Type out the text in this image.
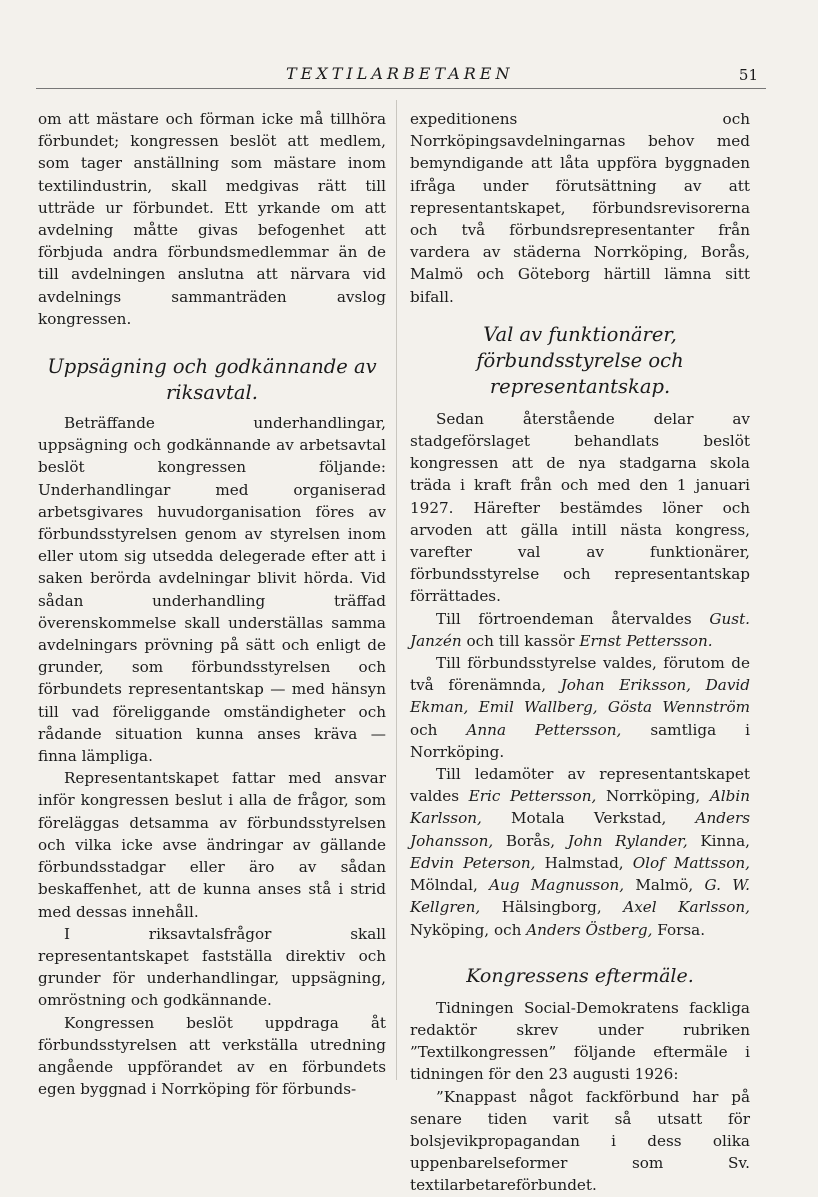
TEXTILARBETAREN	51

om att mästare och förman icke må tillhöra förbundet; kongressen beslöt att medlem, som tager anställning som mästare inom textilindustrin, skall medgivas rätt till utträde ur förbundet. Ett yrkande om att avdelning måtte givas befogenhet att förbjuda andra förbundsmedlemmar än de till avdelningen anslutna att närvara vid avdelnings sammanträden avslog kongressen.

Uppsägning och godkännande av riksavtal.

Beträffande underhandlingar, uppsägning och godkännande av arbetsavtal beslöt kongressen följande: Underhandlingar med organiserad arbetsgivares huvudorganisation föres av förbundsstyrelsen genom av styrelsen inom eller utom sig utsedda delegerade efter att i saken berörda avdelningar blivit hörda. Vid sådan underhandling träffad överenskommelse skall underställas samma avdelningars prövning på sätt och enligt de grunder, som förbundsstyrelsen och förbundets representantskap — med hänsyn till vad föreliggande omständigheter och rådande situation kunna anses kräva — finna lämpliga.

Representantskapet fattar med ansvar inför kongressen beslut i alla de frågor, som föreläggas detsamma av förbundsstyrelsen och vilka icke avse ändringar av gällande förbundsstadgar eller äro av sådan beskaffenhet, att de kunna anses stå i strid med dessas innehåll.

I riksavtalsfrågor skall representantskapet fastställa direktiv och grunder för underhandlingar, uppsägning, omröstning och godkännande.

Kongressen beslöt uppdraga åt förbundsstyrelsen att verkställa utredning angående uppförandet av en förbundets egen byggnad i Norrköping för förbunds-

expeditionens och Norrköpingsavdelningarnas behov med bemyndigande att låta uppföra byggnaden ifråga under förutsättning av att representantskapet, förbundsrevisorerna och två förbundsrepresentanter från vardera av städerna Norrköping, Borås, Malmö och Göteborg härtill lämna sitt bifall.

Val av funktionärer, förbundsstyrelse och representantskap.

Sedan återstående delar av stadgeförslaget behandlats beslöt kongressen att de nya stadgarna skola träda i kraft från och med den 1 januari 1927. Härefter bestämdes löner och arvoden att gälla intill nästa kongress, varefter val av funktionärer, förbundsstyrelse och representantskap förrättades.

Till förtroendeman återvaldes Gust. Janzén och till kassör Ernst Pettersson.

Till förbundsstyrelse valdes, förutom de två förenämnda, Johan Eriksson, David Ekman, Emil Wallberg, Gösta Wennström och Anna Pettersson, samtliga i Norrköping.

Till ledamöter av representantskapet valdes Eric Pettersson, Norrköping, Albin Karlsson, Motala Verkstad, Anders Johansson, Borås, John Rylander, Kinna, Edvin Peterson, Halmstad, Olof Mattsson, Mölndal, Aug Magnusson, Malmö, G. W. Kellgren, Hälsingborg, Axel Karlsson, Nyköping, och Anders Östberg, Forsa.

Kongressens eftermäle.

Tidningen Social-Demokratens fackliga redaktör skrev under rubriken ”Textilkongressen” följande eftermäle i tidningen för den 23 augusti 1926:

”Knappast något fackförbund har på senare tiden varit så utsatt för bolsjevikpropagandan i dess olika uppenbarelseformer som Sv. textilarbetareförbundet.
